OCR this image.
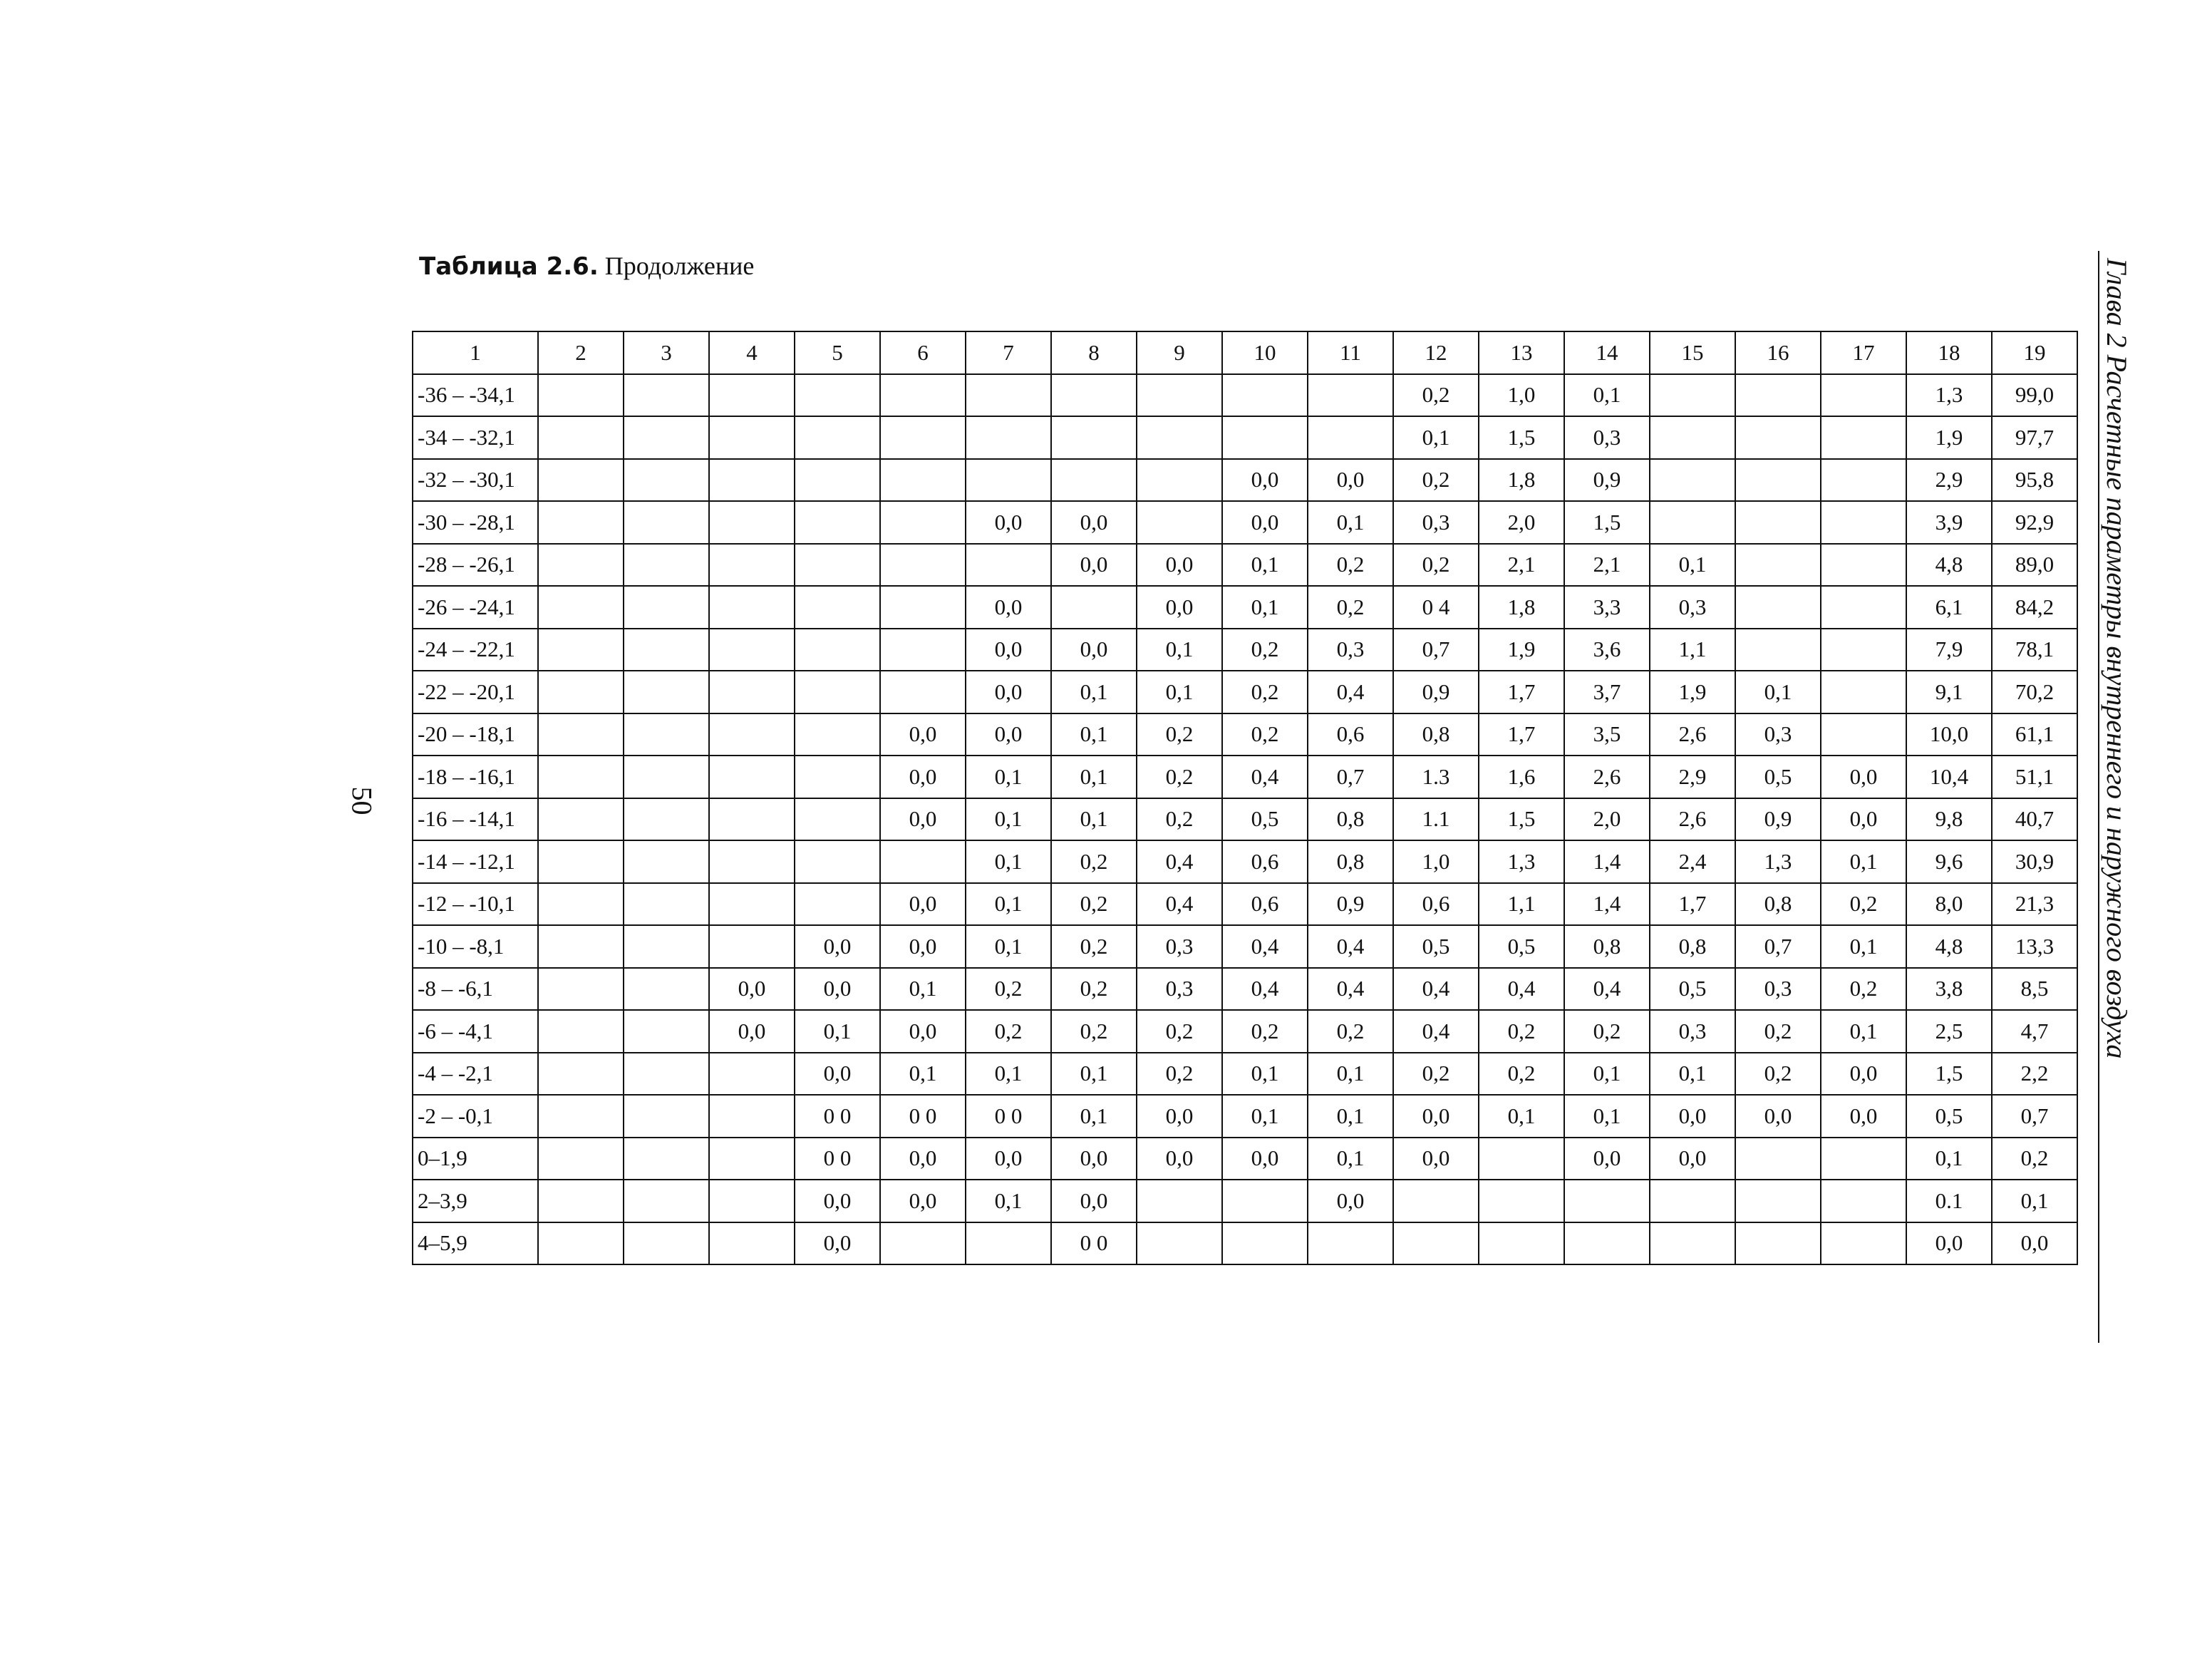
Таблица 2.6. Продолжение
1	2	3	4	5	6	7	8	9	10	11	12	13	14	15	16	17	18	19
-36 – -34,1											0,2	1,0	0,1				1,3	99,0
-34 – -32,1											0,1	1,5	0,3				1,9	97,7
-32 – -30,1									0,0	0,0	0,2	1,8	0,9				2,9	95,8
-30 – -28,1						0,0	0,0		0,0	0,1	0,3	2,0	1,5				3,9	92,9
-28 – -26,1							0,0	0,0	0,1	0,2	0,2	2,1	2,1	0,1			4,8	89,0
-26 – -24,1						0,0		0,0	0,1	0,2	0 4	1,8	3,3	0,3			6,1	84,2
-24 – -22,1						0,0	0,0	0,1	0,2	0,3	0,7	1,9	3,6	1,1			7,9	78,1
-22 – -20,1						0,0	0,1	0,1	0,2	0,4	0,9	1,7	3,7	1,9	0,1		9,1	70,2
-20 – -18,1					0,0	0,0	0,1	0,2	0,2	0,6	0,8	1,7	3,5	2,6	0,3		10,0	61,1
-18 – -16,1					0,0	0,1	0,1	0,2	0,4	0,7	1.3	1,6	2,6	2,9	0,5	0,0	10,4	51,1
-16 – -14,1					0,0	0,1	0,1	0,2	0,5	0,8	1.1	1,5	2,0	2,6	0,9	0,0	9,8	40,7
-14 – -12,1						0,1	0,2	0,4	0,6	0,8	1,0	1,3	1,4	2,4	1,3	0,1	9,6	30,9
-12 – -10,1					0,0	0,1	0,2	0,4	0,6	0,9	0,6	1,1	1,4	1,7	0,8	0,2	8,0	21,3
-10 – -8,1				0,0	0,0	0,1	0,2	0,3	0,4	0,4	0,5	0,5	0,8	0,8	0,7	0,1	4,8	13,3
-8 – -6,1			0,0	0,0	0,1	0,2	0,2	0,3	0,4	0,4	0,4	0,4	0,4	0,5	0,3	0,2	3,8	8,5
-6 – -4,1			0,0	0,1	0,0	0,2	0,2	0,2	0,2	0,2	0,4	0,2	0,2	0,3	0,2	0,1	2,5	4,7
-4 – -2,1				0,0	0,1	0,1	0,1	0,2	0,1	0,1	0,2	0,2	0,1	0,1	0,2	0,0	1,5	2,2
-2 – -0,1				0 0	0 0	0 0	0,1	0,0	0,1	0,1	0,0	0,1	0,1	0,0	0,0	0,0	0,5	0,7
0–1,9				0 0	0,0	0,0	0,0	0,0	0,0	0,1	0,0		0,0	0,0			0,1	0,2
2–3,9				0,0	0,0	0,1	0,0			0,0							0.1	0,1
4–5,9				0,0			0 0										0,0	0,0
50	Глава 2 Расчетные параметры внутреннего и наружного воздуха
